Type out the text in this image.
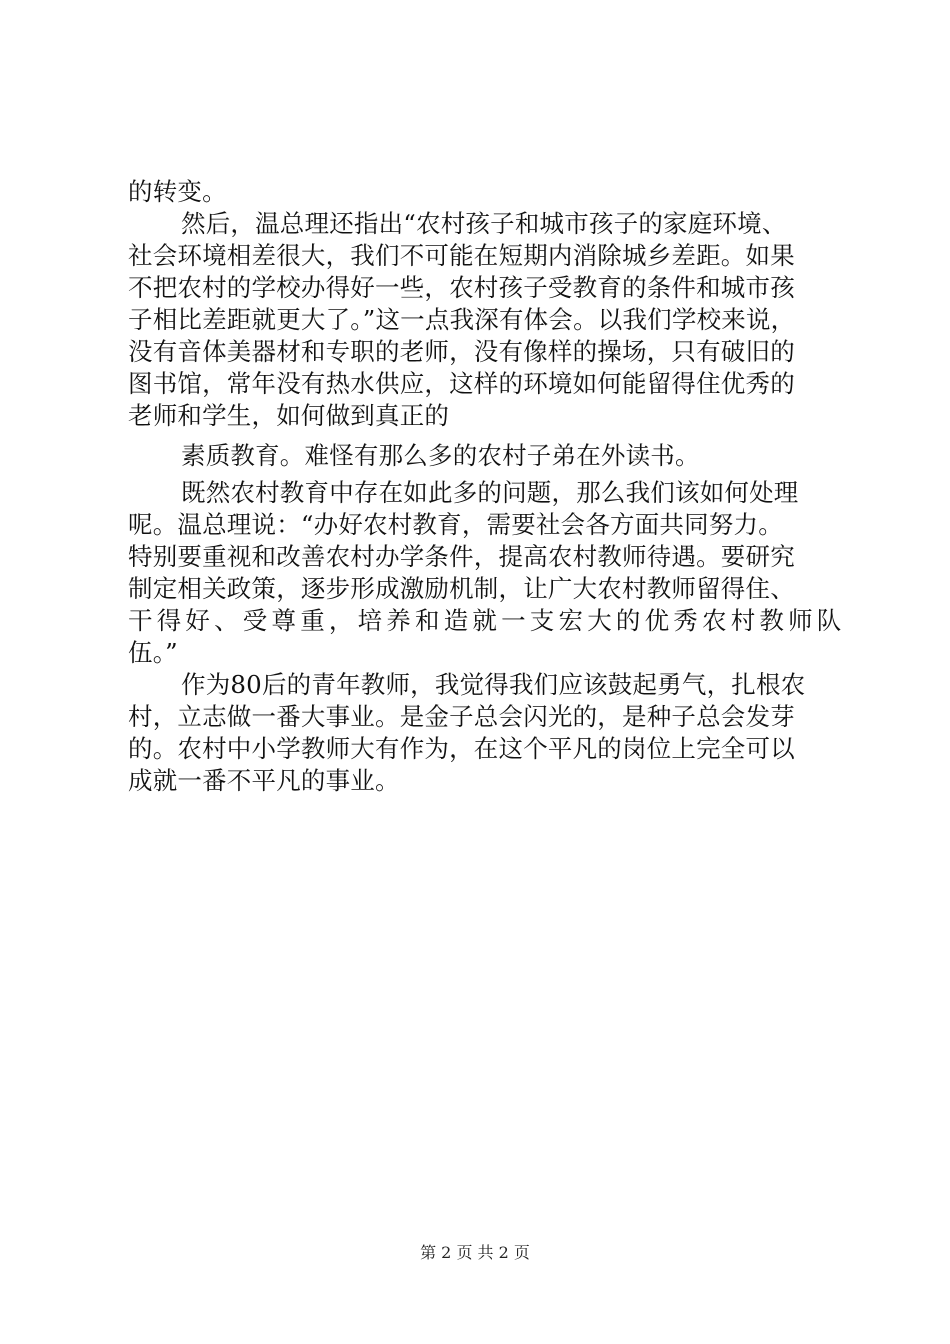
的转变。
然后，温总理还指出“农村孩子和城市孩子的家庭环境、
社会环境相差很大，我们不可能在短期内消除城乡差距。如果
不把农村的学校办得好一些，农村孩子受教育的条件和城市孩
子相比差距就更大了。”这一点我深有体会。以我们学校来说，
没有音体美器材和专职的老师，没有像样的操场，只有破旧的
图书馆，常年没有热水供应，这样的环境如何能留得住优秀的
老师和学生，如何做到真正的
素质教育。难怪有那么多的农村子弟在外读书。
既然农村教育中存在如此多的问题，那么我们该如何处理
呢。温总理说：“办好农村教育，需要社会各方面共同努力。
特别要重视和改善农村办学条件，提高农村教师待遇。要研究
制定相关政策，逐步形成激励机制，让广大农村教师留得住、
干得好、受尊重，培养和造就一支宏大的优秀农村教师队
伍。”
作为80后的青年教师，我觉得我们应该鼓起勇气，扎根农
村，立志做一番大事业。是金子总会闪光的，是种子总会发芽
的。农村中小学教师大有作为，在这个平凡的岗位上完全可以
成就一番不平凡的事业。
第 2 页 共 2 页
